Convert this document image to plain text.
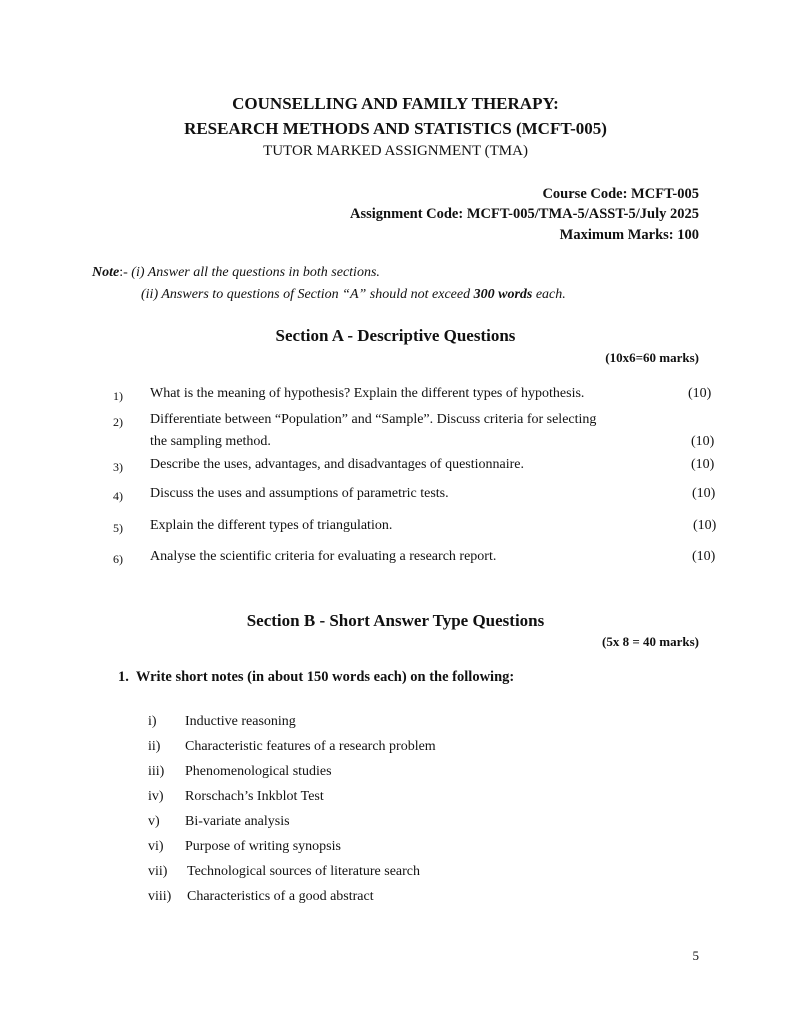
COUNSELLING AND FAMILY THERAPY:
RESEARCH METHODS AND STATISTICS (MCFT-005)
TUTOR MARKED ASSIGNMENT (TMA)
Course Code: MCFT-005
Assignment Code: MCFT-005/TMA-5/ASST-5/July 2025
Maximum Marks: 100
Note:- (i) Answer all the questions in both sections.
(ii) Answers to questions of Section “A” should not exceed 300 words each.
Section A - Descriptive Questions
(10x6=60 marks)
1) What is the meaning of hypothesis? Explain the different types of hypothesis.	(10)
2) Differentiate between “Population” and “Sample”. Discuss criteria for selecting
the sampling method.	(10)
3) Describe the uses, advantages, and disadvantages of questionnaire.	(10)
4) Discuss the uses and assumptions of parametric tests.	(10)
5) Explain the different types of triangulation.	(10)
6) Analyse the scientific criteria for evaluating a research report.	(10)
Section B - Short Answer Type Questions
(5x 8 = 40 marks)
1. Write short notes (in about 150 words each) on the following:
i) Inductive reasoning
ii) Characteristic features of a research problem
iii) Phenomenological studies
iv) Rorschach’s Inkblot Test
v) Bi-variate analysis
vi) Purpose of writing synopsis
vii) Technological sources of literature search
viii) Characteristics of a good abstract
5
